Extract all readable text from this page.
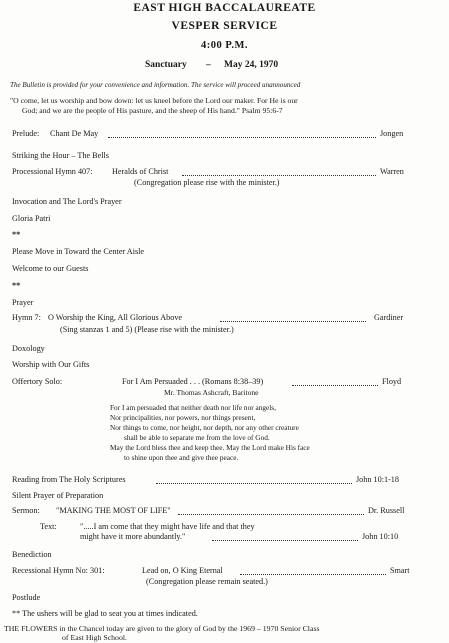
EAST HIGH BACCALAUREATE
VESPER SERVICE
4:00 P.M.
Sanctuary – May 24, 1970
The Bulletin is provided for your convenience and information. The service will proceed unannounced
"O come, let us worship and bow down: let us kneel before the Lord our maker. For He is our
God; and we are the people of His pasture, and the sheep of His hand." Psalm 95:6-7
Prelude: Chant De May	Jongen
Striking the Hour – The Bells
Processional Hymn 407: Heralds of Christ	Warren
(Congregation please rise with the minister.)
Invocation and The Lord's Prayer
Gloria Patri
**
Please Move in Toward the Center Aisle
Welcome to our Guests
**
Prayer
Hymn 7: O Worship the King, All Glorious Above	Gardiner
(Sing stanzas 1 and 5) (Please rise with the minister.)
Doxology
Worship with Our Gifts
Offertory Solo:	For I Am Persuaded . . . (Romans 8:38–39)	Floyd
Mr. Thomas Ashcraft, Baritone
For I am persuaded that neither death nor life nor angels,
Nor principalities, nor powers, nor things present,
Nor things to come, nor height, nor depth, nor any other creature
shall be able to separate me from the love of God.
May the Lord bless thee and keep thee. May the Lord make His face
to shine upon thee and give thee peace.
Reading from The Holy Scriptures	John 10:1-18
Silent Prayer of Preparation
Sermon: "MAKING THE MOST OF LIFE"	Dr. Russell
Text:	".....I am come that they might have life and that they
might have it more abundantly."	John 10:10
Benediction
Recessional Hymn No: 301:	Lead on, O King Eternal	Smart
(Congregation please remain seated.)
Postlude
** The ushers will be glad to seat you at times indicated.
THE FLOWERS in the Chancel today are given to the glory of God by the 1969 – 1970 Senior Class
of East High School.
